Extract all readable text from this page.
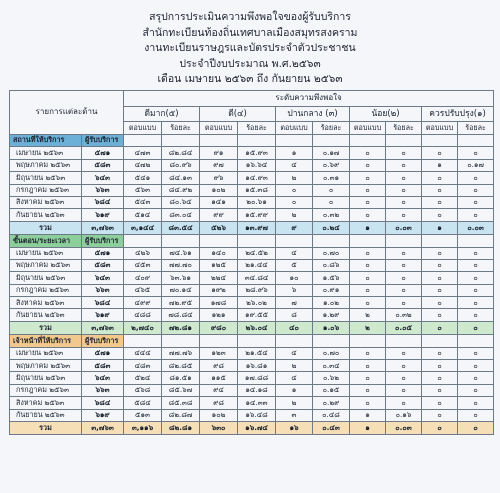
สรุปการประเมินความพึงพอใจของผู้รับบริการ
สำนักทะเบียนท้องถิ่นเทศบาลเมืองสมุทรสงคราม
งานทะเบียนราษฎรและบัตรประจำตัวประชาชน
ประจำปีงบประมาณ พ.ศ.๒๕๖๓
เดือน เมษายน ๒๕๖๓ ถึง กันยายน ๒๕๖๓
รายการแต่ละด้าน		ระดับความพึงพอใจ									
		ดีมาก(๕)		ดี(๔)		ปานกลาง (๓)		น้อย(๒)		ควรปรับปรุง(๑)	
		ตอบแบบ	ร้อยละ	ตอบแบบ	ร้อยละ	ตอบแบบ	ร้อยละ	ตอบแบบ	ร้อยละ	ตอบแบบ	ร้อยละ
สถานที่ให้บริการ	ผู้รับบริการ										
เมษายน ๒๕๖๓	๕๗๑	๔๗๓	๘๒.๘๔	๙๑	๑๕.๙๓	๑	๐.๑๗	๐	๐	๐	๐
พฤษภาคม ๒๕๖๓	๕๘๓	๔๗๒	๘๐.๙๖	๙๗	๑๖.๖๔	๔	๐.๖๙	๐	๐	๑	๐.๑๗
มิถุนายน ๒๕๖๓	๖๔๓	๕๔๑	๘๔.๑๓	๙๖	๑๔.๙๓	๒	๐.๓๑	๐	๐	๐	๐
กรกฎาคม ๒๕๖๓	๖๖๓	๕๖๓	๘๔.๙๒	๑๐๒	๑๕.๓๘	๐	๐	๐	๐	๐	๐
สิงหาคม ๒๕๖๓	๖๘๔	๕๔๓	๘๐.๖๔	๑๔๑	๒๐.๖๑	๐	๐	๐	๐	๐	๐
กันยายน ๒๕๖๓	๖๑๙	๕๑๔	๘๓.๐๔	๙๙	๑๕.๙๙	๒	๐.๓๒	๐	๐	๐	๐
รวม	๓,๗๖๓	๓,๑๔๔	๘๓.๕๔	๕๒๖	๑๓.๙๗	๙	๐.๒๔	๑	๐.๐๓	๑	๐.๐๓
ขั้นตอน/ระยะเวลา	ผู้รับบริการ										
เมษายน ๒๕๖๓	๕๗๑	๔๒๖	๗๔.๖๑	๑๔๐	๒๔.๕๒	๔	๐.๗๐	๐	๐	๐	๐
พฤษภาคม ๒๕๖๓	๕๘๓	๔๕๓	๗๗.๗๐	๑๒๕	๒๑.๔๔	๕	๐.๘๖	๐	๐	๐	๐
มิถุนายน ๒๕๖๓	๖๔๓	๔๐๙	๖๓.๖๑	๒๒๔	๓๔.๘๔	๑๐	๑.๕๖	๐	๐	๐	๐
กรกฎาคม ๒๕๖๓	๖๖๓	๔๖๕	๗๐.๑๔	๑๙๒	๒๘.๙๖	๖	๐.๙๑	๐	๐	๐	๐
สิงหาคม ๒๕๖๓	๖๘๔	๔๙๙	๗๒.๙๕	๑๗๘	๒๖.๐๒	๗	๑.๐๒	๐	๐	๐	๐
กันยายน ๒๕๖๓	๖๑๙	๔๘๘	๗๘.๘๔	๑๒๑	๑๙.๕๕	๘	๑.๒๙	๒	๐.๓๒	๐	๐
รวม	๓,๗๖๓	๒,๗๔๐	๗๒.๘๑	๙๘๐	๒๖.๐๔	๔๐	๑.๐๖	๒	๐.๐๕	๐	๐
เจ้าหน้าที่ให้บริการ	ผู้รับบริการ										
เมษายน ๒๕๖๓	๕๗๑	๔๔๔	๗๗.๗๖	๑๒๓	๒๑.๕๔	๔	๐.๗๐	๐	๐	๐	๐
พฤษภาคม ๒๕๖๓	๕๘๓	๔๘๓	๘๒.๘๕	๙๘	๑๖.๘๑	๒	๐.๓๔	๐	๐	๐	๐
มิถุนายน ๒๕๖๓	๖๔๓	๕๒๔	๘๑.๕๑	๑๑๕	๑๗.๘๘	๔	๐.๖๒	๐	๐	๐	๐
กรกฎาคม ๒๕๖๓	๖๖๓	๕๖๘	๘๕.๖๗	๙๔	๑๔.๑๘	๑	๐.๑๕	๐	๐	๐	๐
สิงหาคม ๒๕๖๓	๖๘๔	๕๘๔	๘๕.๓๘	๙๘	๑๔.๓๓	๒	๐.๒๙	๐	๐	๐	๐
กันยายน ๒๕๖๓	๖๑๙	๕๑๓	๘๒.๘๗	๑๐๒	๑๖.๔๘	๓	๐.๔๘	๑	๐.๑๖	๐	๐
รวม	๓,๗๖๓	๓,๑๑๖	๘๒.๘๑	๖๓๐	๑๖.๗๔	๑๖	๐.๔๓	๑	๐.๐๓	๐	๐
